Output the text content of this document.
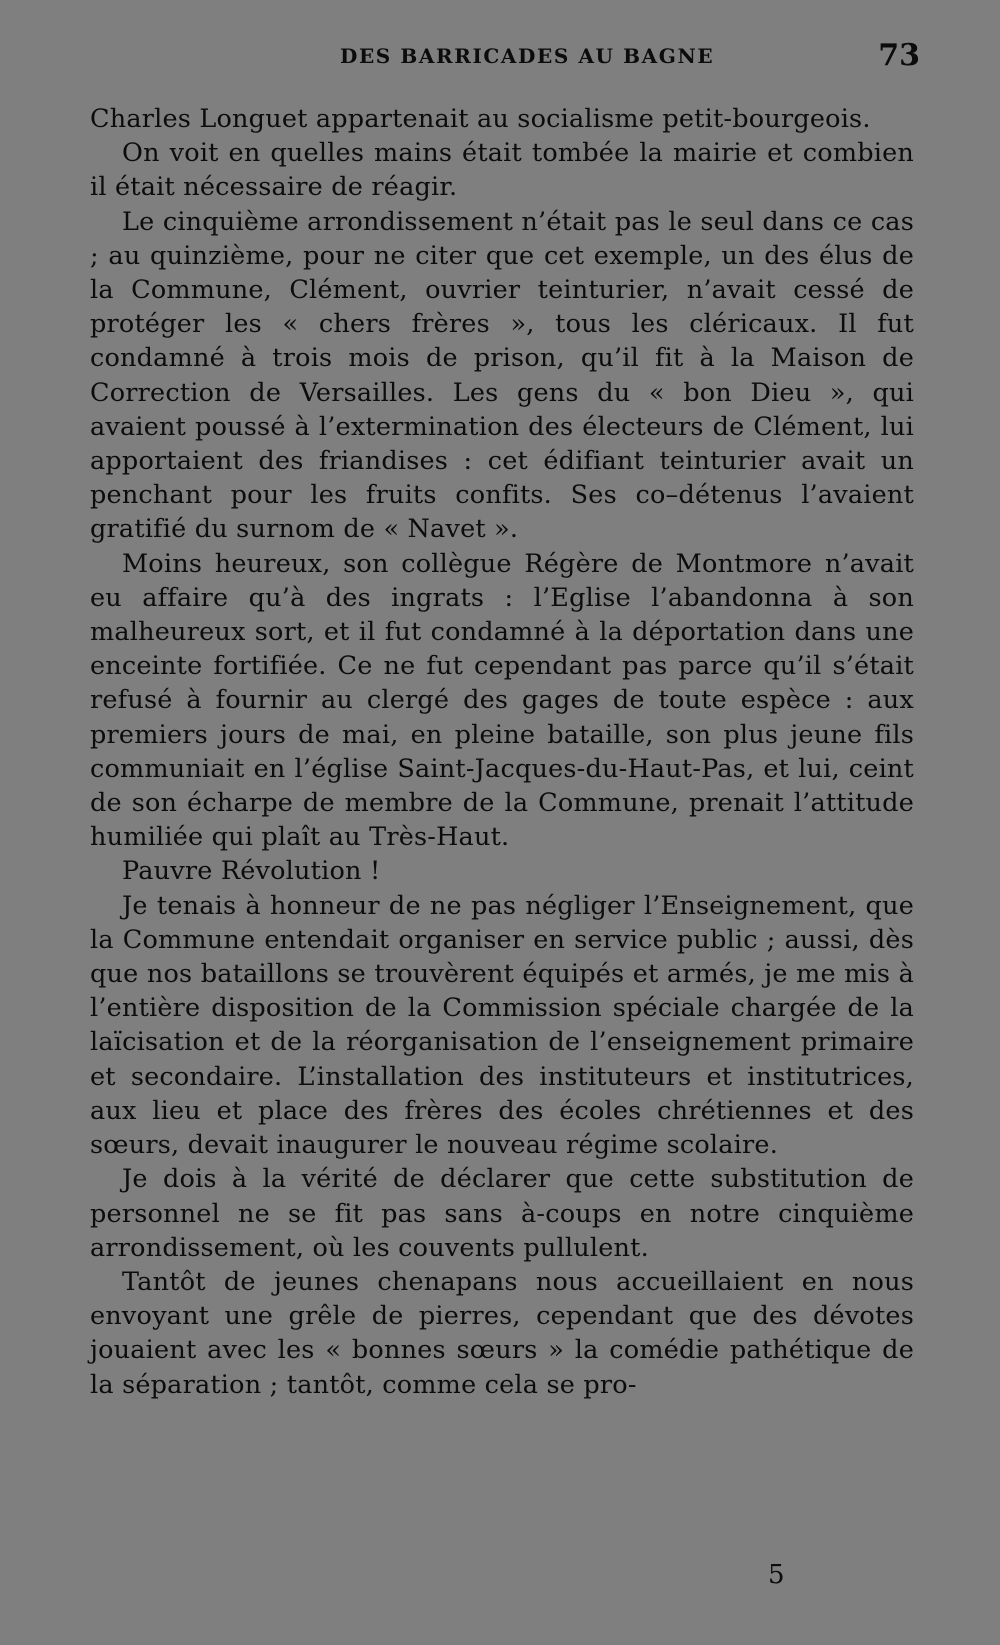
DES BARRICADES AU BAGNE	73

Charles Longuet appartenait au socialisme petit-bourgeois.

On voit en quelles mains était tombée la mairie et combien il était nécessaire de réagir.

Le cinquième arrondissement n’était pas le seul dans ce cas ; au quinzième, pour ne citer que cet exemple, un des élus de la Commune, Clément, ouvrier teinturier, n’avait cessé de protéger les « chers frères », tous les cléricaux. Il fut condamné à trois mois de prison, qu’il fit à la Maison de Correction de Versailles. Les gens du « bon Dieu », qui avaient poussé à l’extermination des électeurs de Clément, lui apportaient des friandises : cet édifiant teinturier avait un penchant pour les fruits confits. Ses co–détenus l’avaient gratifié du surnom de « Navet ».

Moins heureux, son collègue Régère de Montmore n’avait eu affaire qu’à des ingrats : l’Eglise l’abandonna à son malheureux sort, et il fut condamné à la déportation dans une enceinte fortifiée. Ce ne fut cependant pas parce qu’il s’était refusé à fournir au clergé des gages de toute espèce : aux premiers jours de mai, en pleine bataille, son plus jeune fils communiait en l’église Saint-Jacques-du-Haut-Pas, et lui, ceint de son écharpe de membre de la Commune, prenait l’attitude humiliée qui plaît au Très-Haut.

Pauvre Révolution !

Je tenais à honneur de ne pas négliger l’Enseignement, que la Commune entendait organiser en service public ; aussi, dès que nos bataillons se trouvèrent équipés et armés, je me mis à l’entière disposition de la Commission spéciale chargée de la laïcisation et de la réorganisation de l’enseignement primaire et secondaire. L’installation des instituteurs et institutrices, aux lieu et place des frères des écoles chrétiennes et des sœurs, devait inaugurer le nouveau régime scolaire.

Je dois à la vérité de déclarer que cette substitution de personnel ne se fit pas sans à-coups en notre cinquième arrondissement, où les couvents pullulent.

Tantôt de jeunes chenapans nous accueillaient en nous envoyant une grêle de pierres, cependant que des dévotes jouaient avec les « bonnes sœurs » la comédie pathétique de la séparation ; tantôt, comme cela se pro-

5
